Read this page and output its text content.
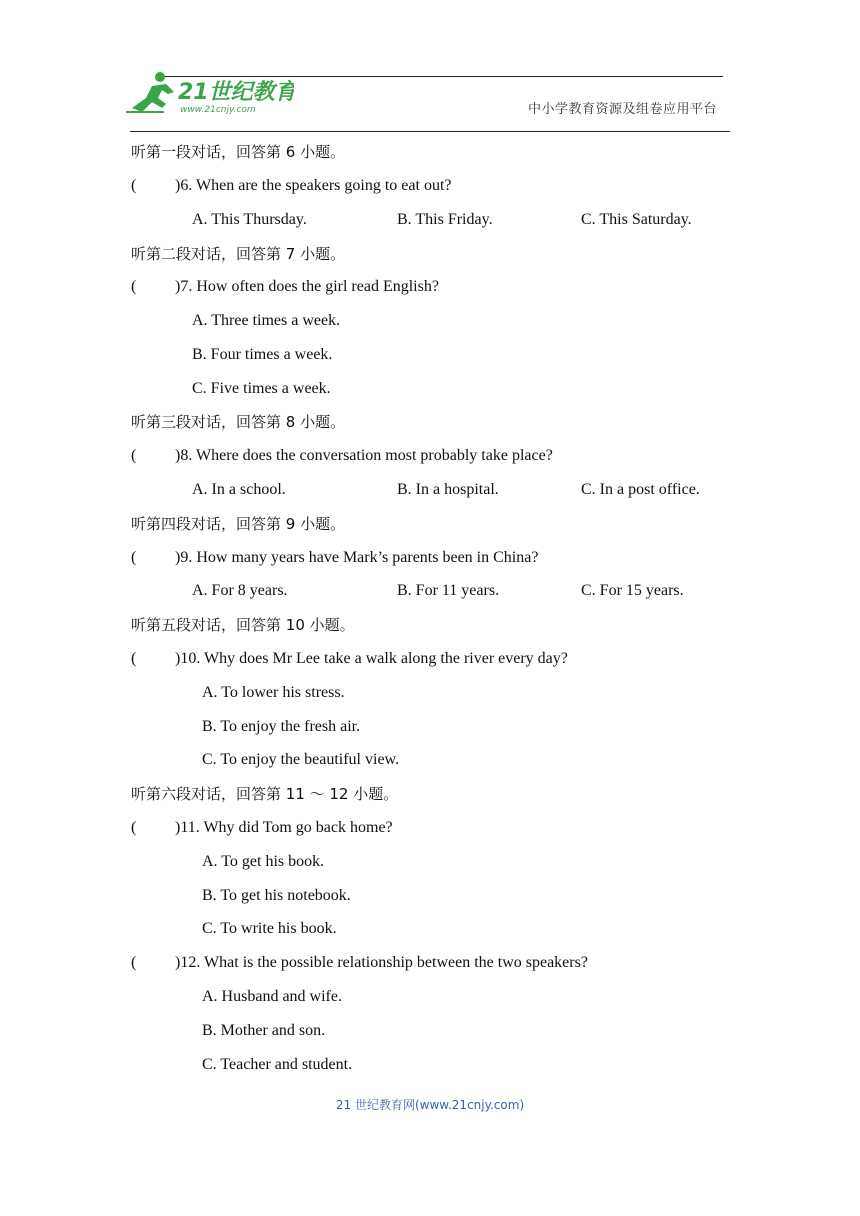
21世纪教育
www.21cnjy.com	中小学教育资源及组卷应用平台
听第一段对话，回答第 6 小题。
( )6. When are the speakers going to eat out?
A. This Thursday.	B. This Friday.	C. This Saturday.
听第二段对话，回答第 7 小题。
( )7. How often does the girl read English?
A. Three times a week.
B. Four times a week.
C. Five times a week.
听第三段对话，回答第 8 小题。
( )8. Where does the conversation most probably take place?
A. In a school.	B. In a hospital.	C. In a post office.
听第四段对话，回答第 9 小题。
( )9. How many years have Mark’s parents been in China?
A. For 8 years.	B. For 11 years.	C. For 15 years.
听第五段对话，回答第 10 小题。
( )10. Why does Mr Lee take a walk along the river every day?
A. To lower his stress.
B. To enjoy the fresh air.
C. To enjoy the beautiful view.
听第六段对话，回答第 11 ～ 12 小题。
( )11. Why did Tom go back home?
A. To get his book.
B. To get his notebook.
C. To write his book.
( )12. What is the possible relationship between the two speakers?
A. Husband and wife.
B. Mother and son.
C. Teacher and student.
21 世纪教育网(www.21cnjy.com)
